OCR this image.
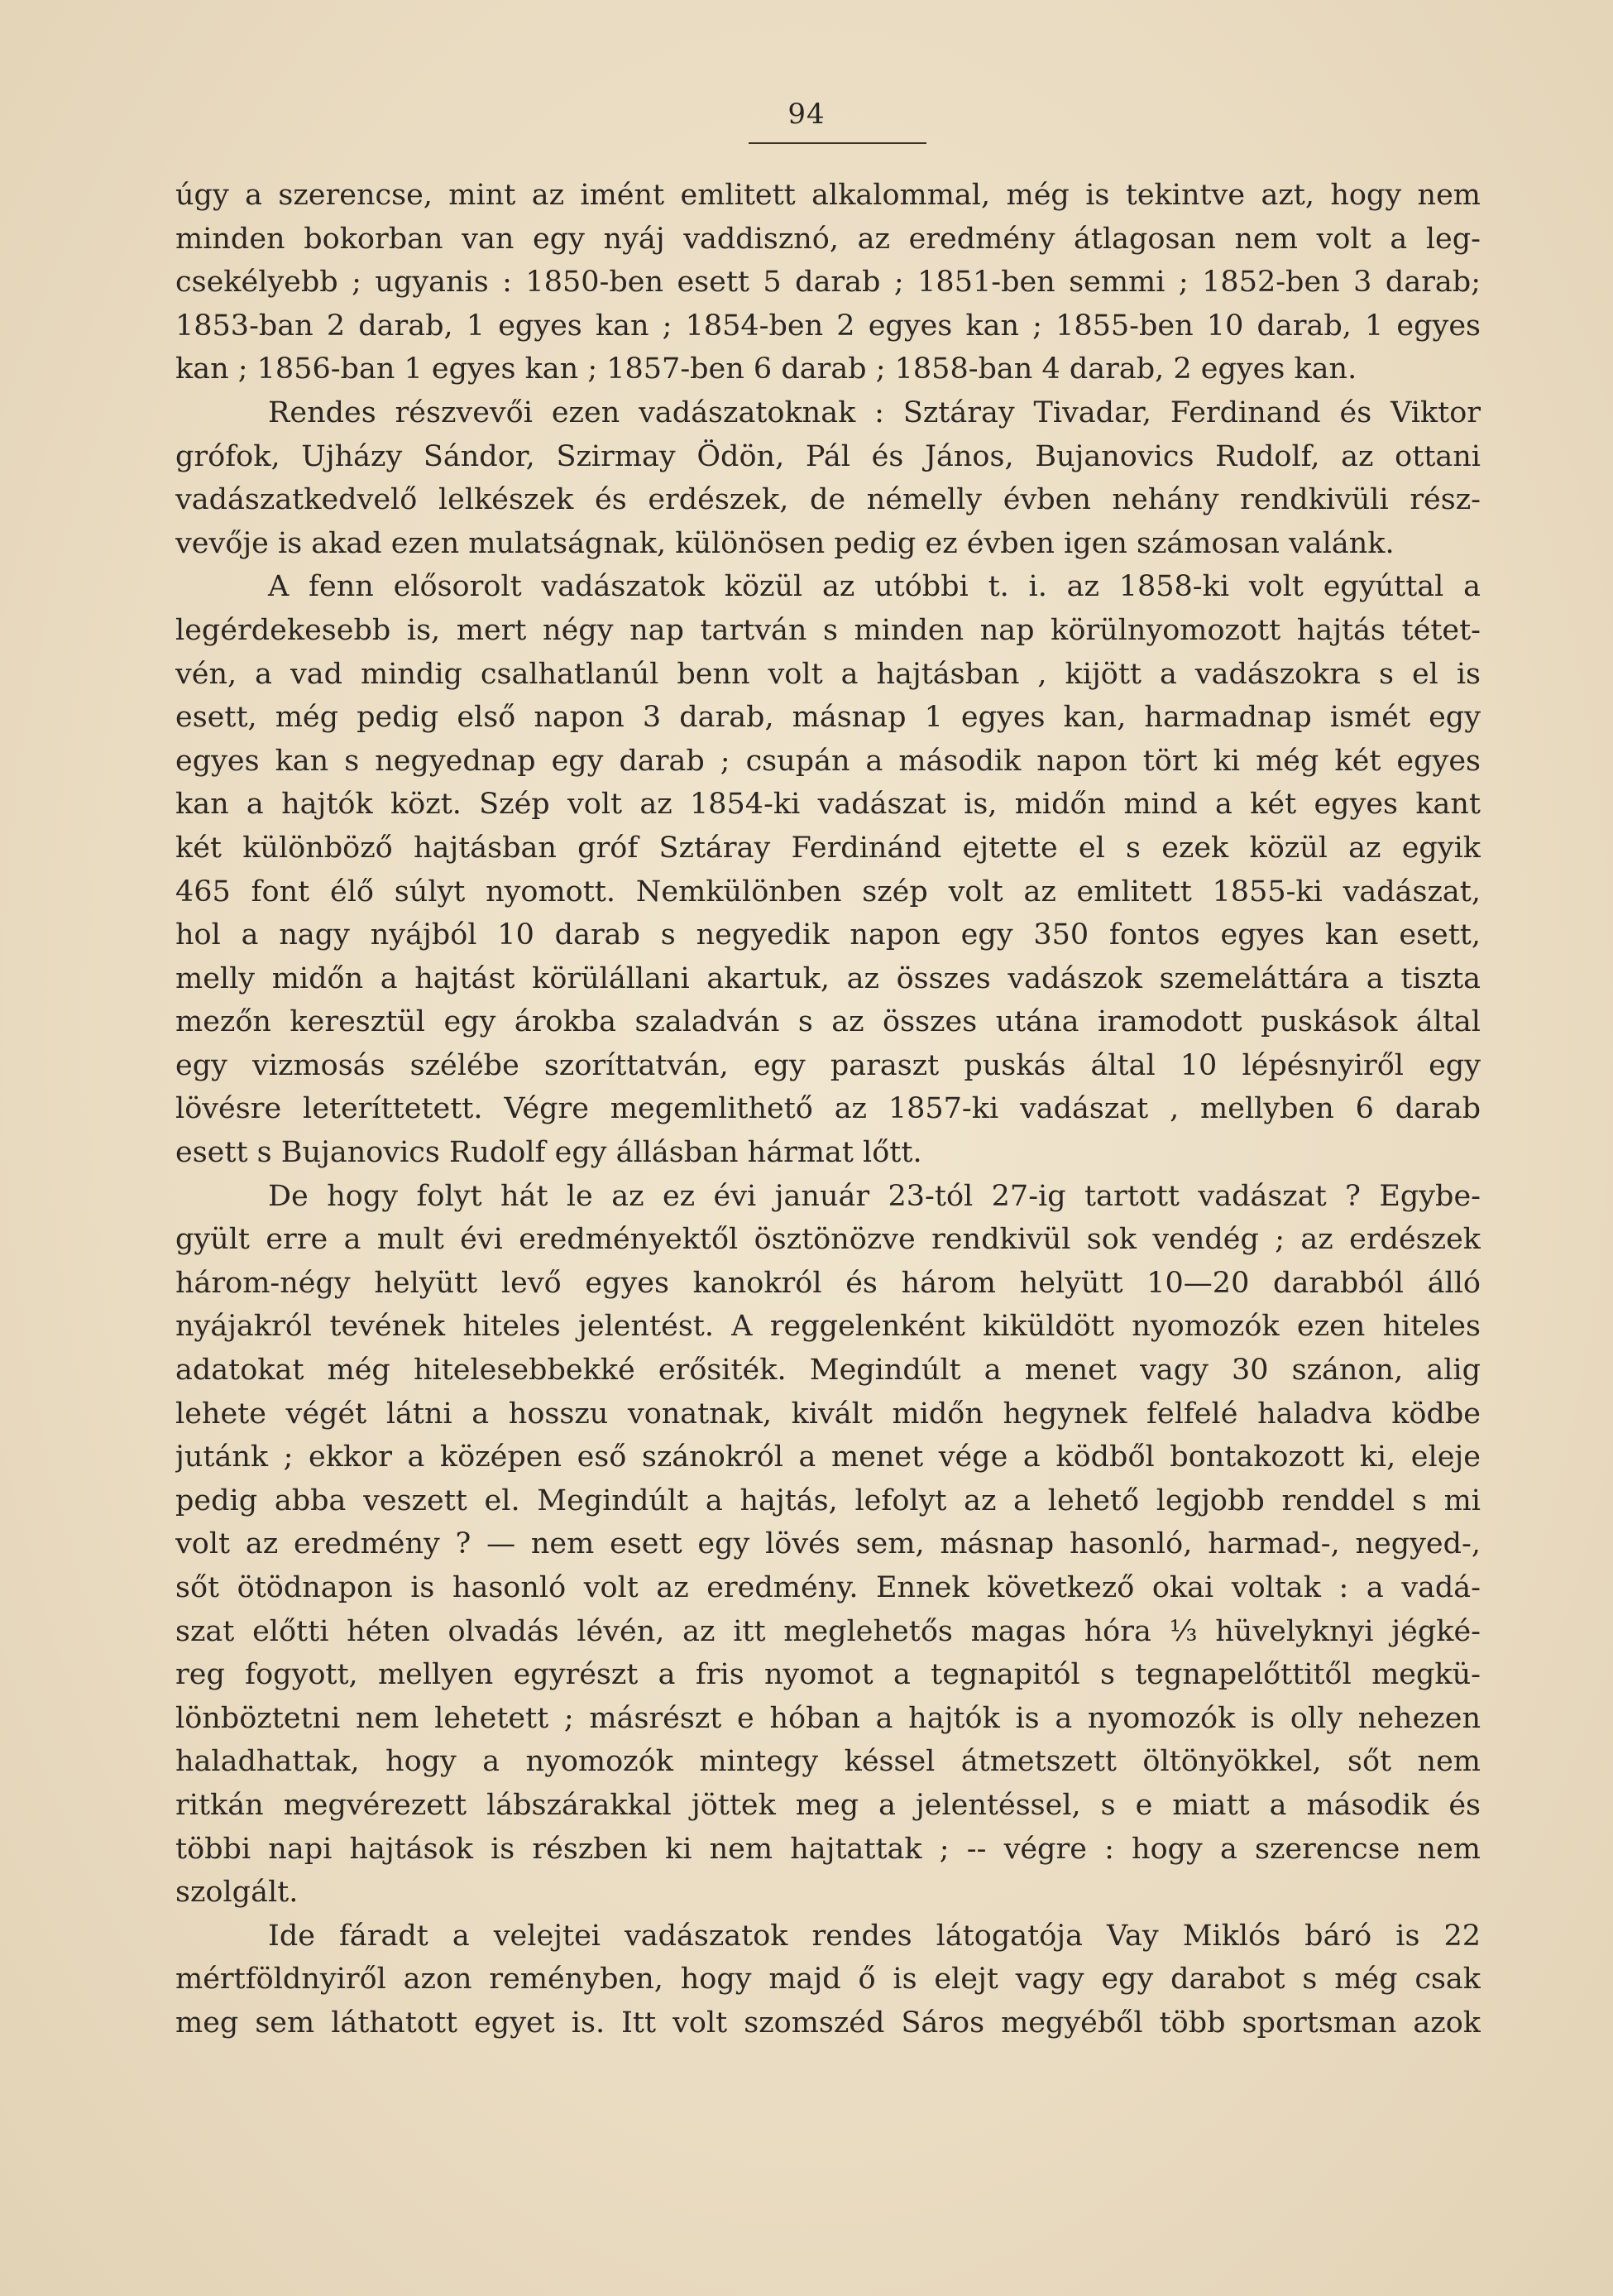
94

úgy a szerencse, mint az imént emlitett alkalommal, még is tekintve azt, hogy nem

minden bokorban van egy nyáj vaddisznó, az eredmény átlagosan nem volt a leg-

csekélyebb ; ugyanis : 1850-ben esett 5 darab ; 1851-ben semmi ; 1852-ben 3 darab;

1853-ban 2 darab, 1 egyes kan ; 1854-ben 2 egyes kan ; 1855-ben 10 darab, 1 egyes

kan ; 1856-ban 1 egyes kan ; 1857-ben 6 darab ; 1858-ban 4 darab, 2 egyes kan.

Rendes részvevői ezen vadászatoknak : Sztáray Tivadar, Ferdinand és Viktor

grófok, Ujházy Sándor, Szirmay Ödön, Pál és János, Bujanovics Rudolf, az ottani

vadászatkedvelő lelkészek és erdészek, de némelly évben nehány rendkivüli rész-

vevője is akad ezen mulatságnak, különösen pedig ez évben igen számosan valánk.

A fenn elősorolt vadászatok közül az utóbbi t. i. az 1858-ki volt egyúttal a

legérdekesebb is, mert négy nap tartván s minden nap körülnyomozott hajtás tétet-

vén, a vad mindig csalhatlanúl benn volt a hajtásban , kijött a vadászokra s el is

esett, még pedig első napon 3 darab, másnap 1 egyes kan, harmadnap ismét egy

egyes kan s negyednap egy darab ; csupán a második napon tört ki még két egyes

kan a hajtók közt. Szép volt az 1854-ki vadászat is, midőn mind a két egyes kant

két különböző hajtásban gróf Sztáray Ferdinánd ejtette el s ezek közül az egyik

465 font élő súlyt nyomott. Nemkülönben szép volt az emlitett 1855-ki vadászat,

hol a nagy nyájból 10 darab s negyedik napon egy 350 fontos egyes kan esett,

melly midőn a hajtást körülállani akartuk, az összes vadászok szemeláttára a tiszta

mezőn keresztül egy árokba szaladván s az összes utána iramodott puskások által

egy vizmosás szélébe szoríttatván, egy paraszt puskás által 10 lépésnyiről egy

lövésre leteríttetett. Végre megemlithető az 1857-ki vadászat , mellyben 6 darab

esett s Bujanovics Rudolf egy állásban hármat lőtt.

De hogy folyt hát le az ez évi január 23-tól 27-ig tartott vadászat ? Egybe-

gyült erre a mult évi eredményektől ösztönözve rendkivül sok vendég ; az erdészek

három-négy helyütt levő egyes kanokról és három helyütt 10—20 darabból álló

nyájakról tevének hiteles jelentést. A reggelenként kiküldött nyomozók ezen hiteles

adatokat még hitelesebbekké erősiték. Megindúlt a menet vagy 30 szánon, alig

lehete végét látni a hosszu vonatnak, kivált midőn hegynek felfelé haladva ködbe

jutánk ; ekkor a középen eső szánokról a menet vége a ködből bontakozott ki, eleje

pedig abba veszett el. Megindúlt a hajtás, lefolyt az a lehető legjobb renddel s mi

volt az eredmény ? — nem esett egy lövés sem, másnap hasonló, harmad-, negyed-,

sőt ötödnapon is hasonló volt az eredmény. Ennek következő okai voltak : a vadá-

szat előtti héten olvadás lévén, az itt meglehetős magas hóra ⅓ hüvelyknyi jégké-

reg fogyott, mellyen egyrészt a fris nyomot a tegnapitól s tegnapelőttitől megkü-

lönböztetni nem lehetett ; másrészt e hóban a hajtók is a nyomozók is olly nehezen

haladhattak, hogy a nyomozók mintegy késsel átmetszett öltönyökkel, sőt nem

ritkán megvérezett lábszárakkal jöttek meg a jelentéssel, s e miatt a második és

többi napi hajtások is részben ki nem hajtattak ; -- végre : hogy a szerencse nem

szolgált.

Ide fáradt a velejtei vadászatok rendes látogatója Vay Miklós báró is 22

mértföldnyiről azon reményben, hogy majd ő is elejt vagy egy darabot s még csak

meg sem láthatott egyet is. Itt volt szomszéd Sáros megyéből több sportsman azok
